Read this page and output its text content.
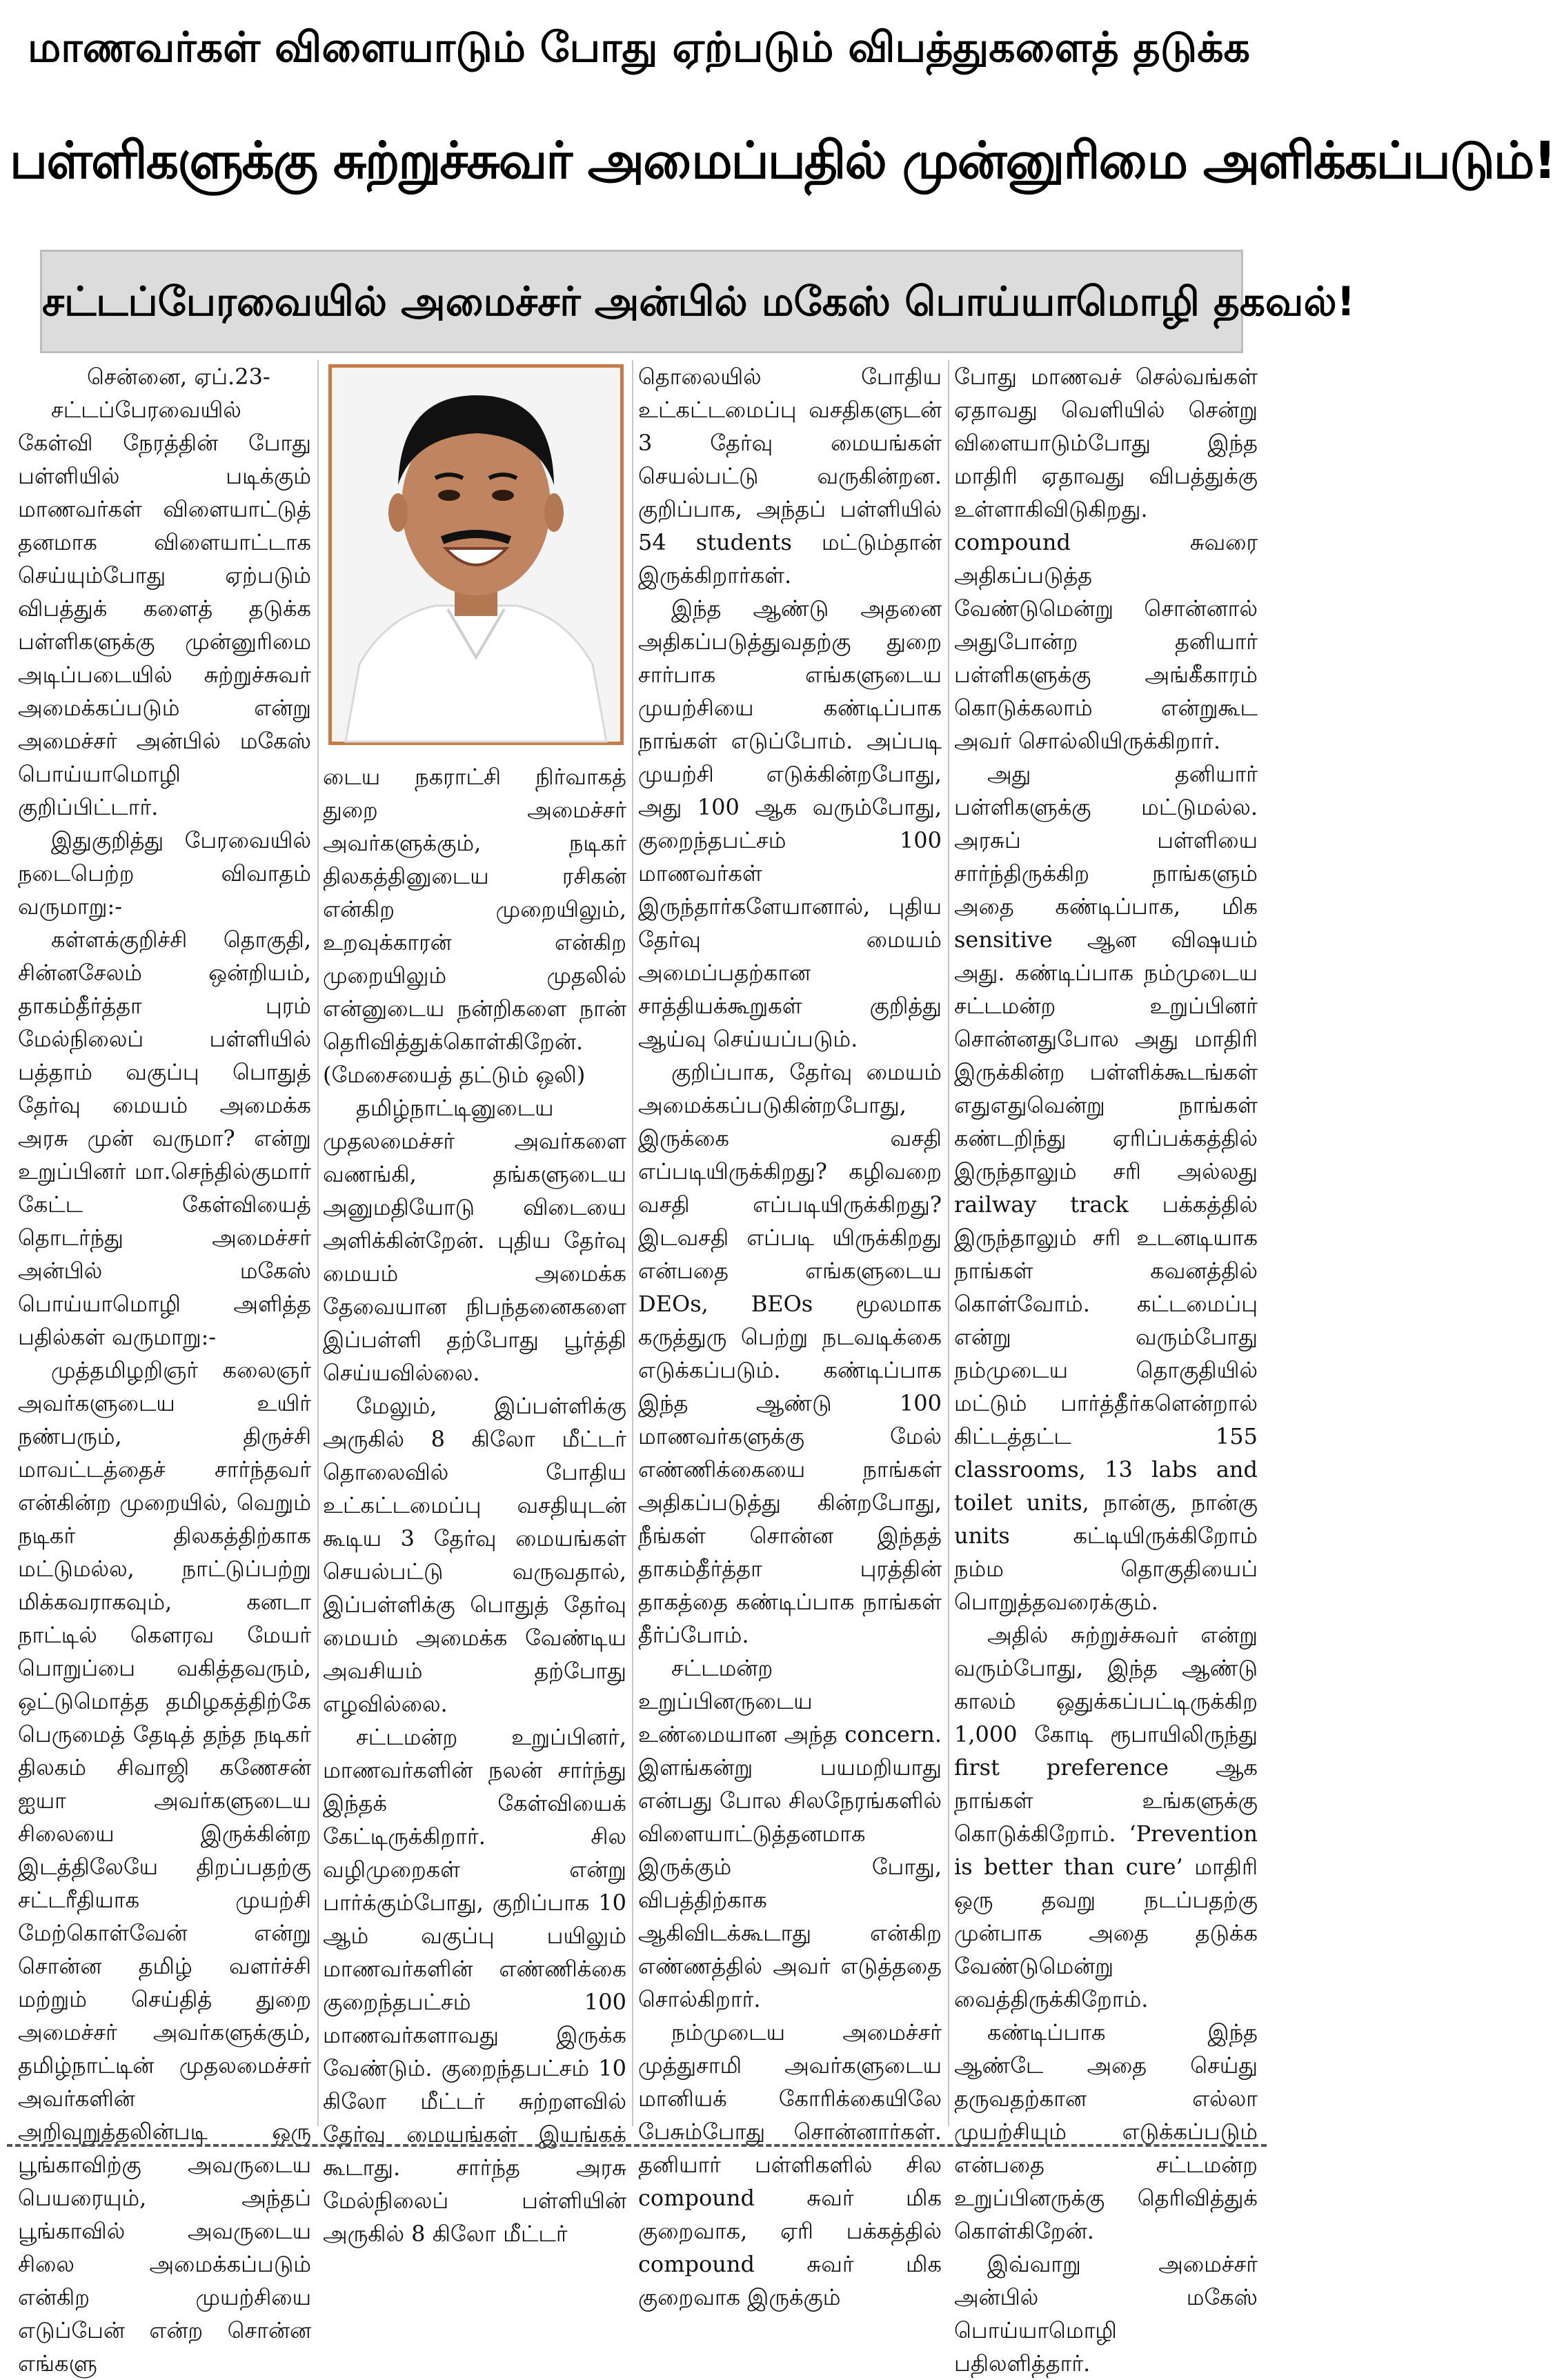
மாணவர்கள் விளையாடும் போது ஏற்படும் விபத்துகளைத் தடுக்க
பள்ளிகளுக்கு சுற்றுச்சுவர் அமைப்பதில் முன்னுரிமை அளிக்கப்படும்!
சட்டப்பேரவையில் அமைச்சர் அன்பில் மகேஸ் பொய்யாமொழி தகவல்!

சென்னை, ஏப்.23-

சட்டப்பேரவையில் கேள்வி நேரத்தின் போது பள்ளியில் படிக்கும் மாணவர்கள் விளையாட்டுத் தனமாக விளையாட்டாக செய்யும்போது ஏற்படும் விபத்துக் களைத் தடுக்க பள்ளிகளுக்கு முன்னுரிமை அடிப்படையில் சுற்றுச்சுவர் அமைக்கப்படும் என்று அமைச்சர் அன்பில் மகேஸ் பொய்யாமொழி குறிப்பிட்டார்.

இதுகுறித்து பேரவையில் நடைபெற்ற விவாதம் வருமாறு:-

கள்ளக்குறிச்சி தொகுதி, சின்னசேலம் ஒன்றியம், தாகம்தீர்த்தா புரம் மேல்நிலைப் பள்ளியில் பத்தாம் வகுப்பு பொதுத் தேர்வு மையம் அமைக்க அரசு முன் வருமா? என்று உறுப்பினர் மா.செந்தில்குமார் கேட்ட கேள்வியைத் தொடர்ந்து அமைச்சர் அன்பில் மகேஸ் பொய்யாமொழி அளித்த பதில்கள் வருமாறு:-

முத்தமிழறிஞர் கலைஞர் அவர்களுடைய உயிர் நண்பரும், திருச்சி மாவட்டத்தைச் சார்ந்தவர் என்கின்ற முறையில், வெறும் நடிகர் திலகத்திற்காக மட்டுமல்ல, நாட்டுப்பற்று மிக்கவராகவும், கனடா நாட்டில் கௌரவ மேயர் பொறுப்பை வகித்தவரும், ஒட்டுமொத்த தமிழகத்திற்கே பெருமைத் தேடித் தந்த நடிகர் திலகம் சிவாஜி கணேசன் ஐயா அவர்களுடைய சிலையை இருக்கின்ற இடத்திலேயே திறப்பதற்கு சட்டரீதியாக முயற்சி மேற்கொள்வேன் என்று சொன்ன தமிழ் வளர்ச்சி மற்றும் செய்தித் துறை அமைச்சர் அவர்களுக்கும், தமிழ்நாட்டின் முதலமைச்சர் அவர்களின் அறிவுறுத்தலின்படி ஒரு பூங்காவிற்கு அவருடைய பெயரையும், அந்தப் பூங்காவில் அவருடைய சிலை அமைக்கப்படும் என்கிற முயற்சியை எடுப்பேன் என்ற சொன்ன எங்களு

டைய நகராட்சி நிர்வாகத் துறை அமைச்சர் அவர்களுக்கும், நடிகர் திலகத்தினுடைய ரசிகன் என்கிற முறையிலும், உறவுக்காரன் என்கிற முறையிலும் முதலில் என்னுடைய நன்றிகளை நான் தெரிவித்துக்கொள்கிறேன். (மேசையைத் தட்டும் ஒலி)

தமிழ்நாட்டினுடைய முதலமைச்சர் அவர்களை வணங்கி, தங்களுடைய அனுமதியோடு விடையை அளிக்கின்றேன். புதிய தேர்வு மையம் அமைக்க தேவையான நிபந்தனைகளை இப்பள்ளி தற்போது பூர்த்தி செய்யவில்லை.

மேலும், இப்பள்ளிக்கு அருகில் 8 கிலோ மீட்டர் தொலைவில் போதிய உட்கட்டமைப்பு வசதியுடன் கூடிய 3 தேர்வு மையங்கள் செயல்பட்டு வருவதால், இப்பள்ளிக்கு பொதுத் தேர்வு மையம் அமைக்க வேண்டிய அவசியம் தற்போது எழவில்லை.

சட்டமன்ற உறுப்பினர், மாணவர்களின் நலன் சார்ந்து இந்தக் கேள்வியைக் கேட்டிருக்கிறார். சில வழிமுறைகள் என்று பார்க்கும்போது, குறிப்பாக 10 ஆம் வகுப்பு பயிலும் மாணவர்களின் எண்ணிக்கை குறைந்தபட்சம் 100 மாணவர்களாவது இருக்க வேண்டும். குறைந்தபட்சம் 10 கிலோ மீட்டர் சுற்றளவில் தேர்வு மையங்கள் இயங்கக் கூடாது. சார்ந்த அரசு மேல்நிலைப் பள்ளியின் அருகில் 8 கிலோ மீட்டர்

தொலையில் போதிய உட்கட்டமைப்பு வசதிகளுடன் 3 தேர்வு மையங்கள் செயல்பட்டு வருகின்றன. குறிப்பாக, அந்தப் பள்ளியில் 54 students மட்டும்தான் இருக்கிறார்கள்.

இந்த ஆண்டு அதனை அதிகப்படுத்துவதற்கு துறை சார்பாக எங்களுடைய முயற்சியை கண்டிப்பாக நாங்கள் எடுப்போம். அப்படி முயற்சி எடுக்கின்றபோது, அது 100 ஆக வரும்போது, குறைந்தபட்சம் 100 மாணவர்கள் இருந்தார்களேயானால், புதிய தேர்வு மையம் அமைப்பதற்கான சாத்தியக்கூறுகள் குறித்து ஆய்வு செய்யப்படும்.

குறிப்பாக, தேர்வு மையம் அமைக்கப்படுகின்றபோது, இருக்கை வசதி எப்படியிருக்கிறது? கழிவறை வசதி எப்படியிருக்கிறது? இடவசதி எப்படி யிருக்கிறது என்பதை எங்களுடைய DEOs, BEOs மூலமாக கருத்துரு பெற்று நடவடிக்கை எடுக்கப்படும். கண்டிப்பாக இந்த ஆண்டு 100 மாணவர்களுக்கு மேல் எண்ணிக்கையை நாங்கள் அதிகப்படுத்து கின்றபோது, நீங்கள் சொன்ன இந்தத் தாகம்தீர்த்தா புரத்தின் தாகத்தை கண்டிப்பாக நாங்கள் தீர்ப்போம்.

சட்டமன்ற உறுப்பினருடைய உண்மையான அந்த concern. இளங்கன்று பயமறியாது என்பது போல சிலநேரங்களில் விளையாட்டுத்தனமாக இருக்கும் போது, விபத்திற்காக ஆகிவிடக்கூடாது என்கிற எண்ணத்தில் அவர் எடுத்ததை சொல்கிறார்.

நம்முடைய அமைச்சர் முத்துசாமி அவர்களுடைய மானியக் கோரிக்கையிலே பேசும்போது சொன்னார்கள். தனியார் பள்ளிகளில் சில compound சுவர் மிக குறைவாக, ஏரி பக்கத்தில் compound சுவர் மிக குறைவாக இருக்கும்

போது மாணவச் செல்வங்கள் ஏதாவது வெளியில் சென்று விளையாடும்போது இந்த மாதிரி ஏதாவது விபத்துக்கு உள்ளாகிவிடுகிறது. compound சுவரை அதிகப்படுத்த வேண்டுமென்று சொன்னால் அதுபோன்ற தனியார் பள்ளிகளுக்கு அங்கீகாரம் கொடுக்கலாம் என்றுகூட அவர் சொல்லியிருக்கிறார்.

அது தனியார் பள்ளிகளுக்கு மட்டுமல்ல. அரசுப் பள்ளியை சார்ந்திருக்கிற நாங்களும் அதை கண்டிப்பாக, மிக sensitive ஆன விஷயம் அது. கண்டிப்பாக நம்முடைய சட்டமன்ற உறுப்பினர் சொன்னதுபோல அது மாதிரி இருக்கின்ற பள்ளிக்கூடங்கள் எதுஎதுவென்று நாங்கள் கண்டறிந்து ஏரிப்பக்கத்தில் இருந்தாலும் சரி அல்லது railway track பக்கத்தில் இருந்தாலும் சரி உடனடியாக நாங்கள் கவனத்தில் கொள்வோம். கட்டமைப்பு என்று வரும்போது நம்முடைய தொகுதியில் மட்டும் பார்த்தீர்களென்றால் கிட்டத்தட்ட 155 classrooms, 13 labs and toilet units, நான்கு, நான்கு units கட்டியிருக்கிறோம் நம்ம தொகுதியைப் பொறுத்தவரைக்கும்.

அதில் சுற்றுச்சுவர் என்று வரும்போது, இந்த ஆண்டு காலம் ஒதுக்கப்பட்டிருக்கிற 1,000 கோடி ரூபாயிலிருந்து first preference ஆக நாங்கள் உங்களுக்கு கொடுக்கிறோம். ‘Prevention is better than cure’ மாதிரி ஒரு தவறு நடப்பதற்கு முன்பாக அதை தடுக்க வேண்டுமென்று வைத்திருக்கிறோம்.

கண்டிப்பாக இந்த ஆண்டே அதை செய்து தருவதற்கான எல்லா முயற்சியும் எடுக்கப்படும் என்பதை சட்டமன்ற உறுப்பினருக்கு தெரிவித்துக் கொள்கிறேன்.

இவ்வாறு அமைச்சர் அன்பில் மகேஸ் பொய்யாமொழி பதிலளித்தார்.
